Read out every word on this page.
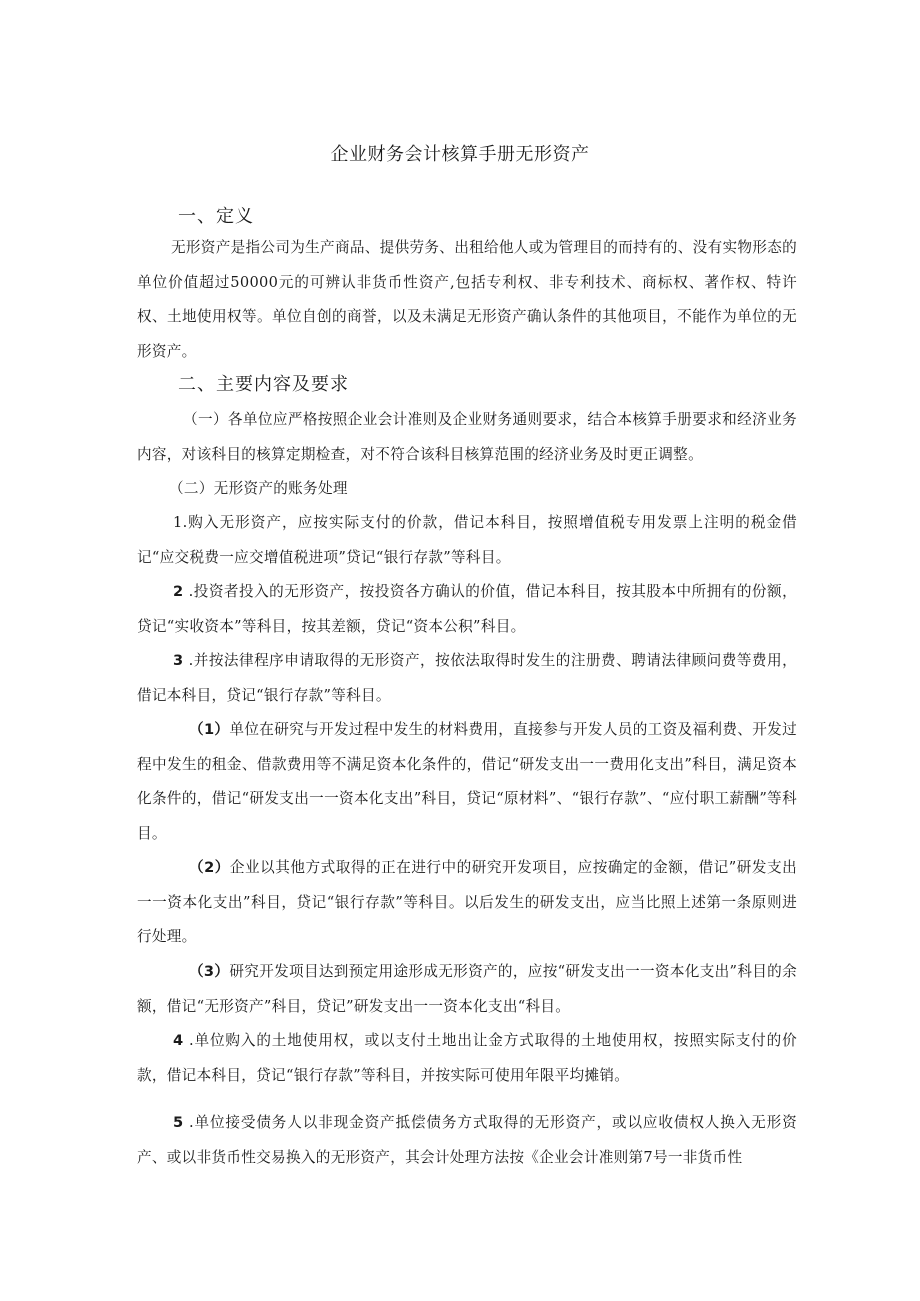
企业财务会计核算手册无形资产
一、定义

无形资产是指公司为生产商品、提供劳务、出租给他人或为管理目的而持有的、没有实物形态的单位价值超过50000元的可辨认非货币性资产,包括专利权、非专利技术、商标权、著作权、特许权、土地使用权等。单位自创的商誉，以及未满足无形资产确认条件的其他项目，不能作为单位的无形资产。

二、主要内容及要求

（一）各单位应严格按照企业会计准则及企业财务通则要求，结合本核算手册要求和经济业务内容，对该科目的核算定期检查，对不符合该科目核算范围的经济业务及时更正调整。

（二）无形资产的账务处理

1.购入无形资产，应按实际支付的价款，借记本科目，按照增值税专用发票上注明的税金借记“应交税费一应交增值税进项”贷记“银行存款”等科目。

2 .投资者投入的无形资产，按投资各方确认的价值，借记本科目，按其股本中所拥有的份额，贷记“实收资本”等科目，按其差额，贷记“资本公积”科目。

3 .并按法律程序申请取得的无形资产，按依法取得时发生的注册费、聘请法律顾问费等费用，借记本科目，贷记“银行存款”等科目。

（1）单位在研究与开发过程中发生的材料费用，直接参与开发人员的工资及福利费、开发过程中发生的租金、借款费用等不满足资本化条件的，借记“研发支出一一费用化支出”科目，满足资本化条件的，借记“研发支出一一资本化支出”科目，贷记“原材料”、“银行存款”、“应付职工薪酬”等科目。

（2）企业以其他方式取得的正在进行中的研究开发项目，应按确定的金额，借记”研发支出一一资本化支出”科目，贷记“银行存款”等科目。以后发生的研发支出，应当比照上述第一条原则进行处理。

（3）研究开发项目达到预定用途形成无形资产的，应按“研发支出一一资本化支出”科目的余额，借记“无形资产”科目，贷记”研发支出一一资本化支出“科目。

4 .单位购入的土地使用权，或以支付土地出让金方式取得的土地使用权，按照实际支付的价款，借记本科目，贷记“银行存款”等科目，并按实际可使用年限平均摊销。

5 .单位接受债务人以非现金资产抵偿债务方式取得的无形资产，或以应收债权人换入无形资产、或以非货币性交易换入的无形资产，其会计处理方法按《企业会计准则第7号一非货币性
